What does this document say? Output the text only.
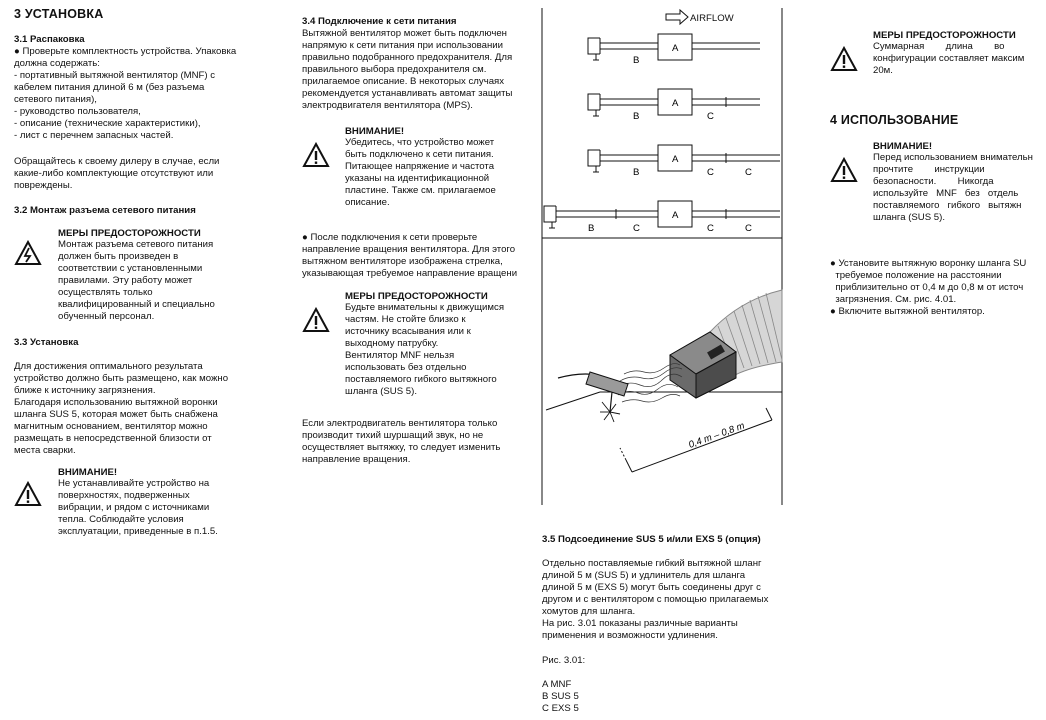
3 УСТАНОВКА
3.1 Распаковка
● Проверьте комплектность устройства. Упаковка
должна содержать:
- портативный вытяжной вентилятор (MNF) с
кабелем питания длиной 6 м (без разъема
сетевого питания),
- руководство пользователя,
- описание (технические характеристики),
- лист с перечнем запасных частей.
Обращайтесь к своему дилеру в случае, если
какие-либо комплектующие отсутствуют или
повреждены.
3.2 Монтаж разъема сетевого питания
МЕРЫ ПРЕДОСТОРОЖНОСТИ
Монтаж разъема сетевого питания
должен быть произведен в
соответствии с установленными
правилами. Эту работу может
осуществлять только
квалифицированный и специально
обученный персонал.
3.3 Установка
Для достижения оптимального результата
устройство должно быть размещено, как можно
ближе к источнику загрязнения.
Благодаря использованию вытяжной воронки
шланга SUS 5, которая может быть снабжена
магнитным основанием, вентилятор можно
размещать в непосредственной близости от
места сварки.
ВНИМАНИЕ!
Не устанавливайте устройство на
поверхностях, подверженных
вибрации, и рядом с источниками
тепла. Соблюдайте условия
эксплуатации, приведенные в п.1.5.
3.4 Подключение к сети питания
Вытяжной вентилятор может быть подключен
напрямую к сети питания при использовании
правильно подобранного предохранителя. Для
правильного выбора предохранителя см.
прилагаемое описание. В некоторых случаях
рекомендуется устанавливать автомат защиты
электродвигателя вентилятора (MPS).
ВНИМАНИЕ!
Убедитесь, что устройство может
быть подключено к сети питания.
Питающее напряжение и частота
указаны на идентификационной
пластине. Также см. прилагаемое
описание.
● После подключения к сети проверьте
направление вращения вентилятора. Для этого
вытяжном вентиляторе изображена стрелка,
указывающая требуемое направление вращени
МЕРЫ ПРЕДОСТОРОЖНОСТИ
Будьте внимательны к движущимся
частям. Не стойте близко к
источнику всасывания или к
выходному патрубку.
Вентилятор MNF нельзя
использовать без отдельно
поставляемого гибкого вытяжного
шланга (SUS 5).
Если электродвигатель вентилятора только
производит тихий шуршащий звук, но не
осуществляет вытяжку, то следует изменить
направление вращения.
AIRFLOW
A
B
A
B	C
A
B	C	C
A
B	C	C	C
0,4 m – 0,8 m
3.5 Подсоединение SUS 5 и/или EXS 5 (опция)
Отдельно поставляемые гибкий вытяжной шланг
длиной 5 м (SUS 5) и удлинитель для шланга
длиной 5 м (EXS 5) могут быть соединены друг с
другом и с вентилятором с помощью прилагаемых
хомутов для шланга.
На рис. 3.01 показаны различные варианты
применения и возможности удлинения.
Рис. 3.01:
A MNF
B SUS 5
C EXS 5
МЕРЫ ПРЕДОСТОРОЖНОСТИ
Суммарная        длина        во
конфигурации составляет максим
20м.
4 ИСПОЛЬЗОВАНИЕ
ВНИМАНИЕ!
Перед использованием внимательн
прочтите        инструкции
безопасности.        Никогда
используйте   MNF   без   отдель
поставляемого   гибкого   вытяжн
шланга (SUS 5).
● Установите вытяжную воронку шланга SU
требуемое положение на расстоянии
приблизительно от 0,4 м до 0,8 м от источ
загрязнения. См. рис. 4.01.
● Включите вытяжной вентилятор.
